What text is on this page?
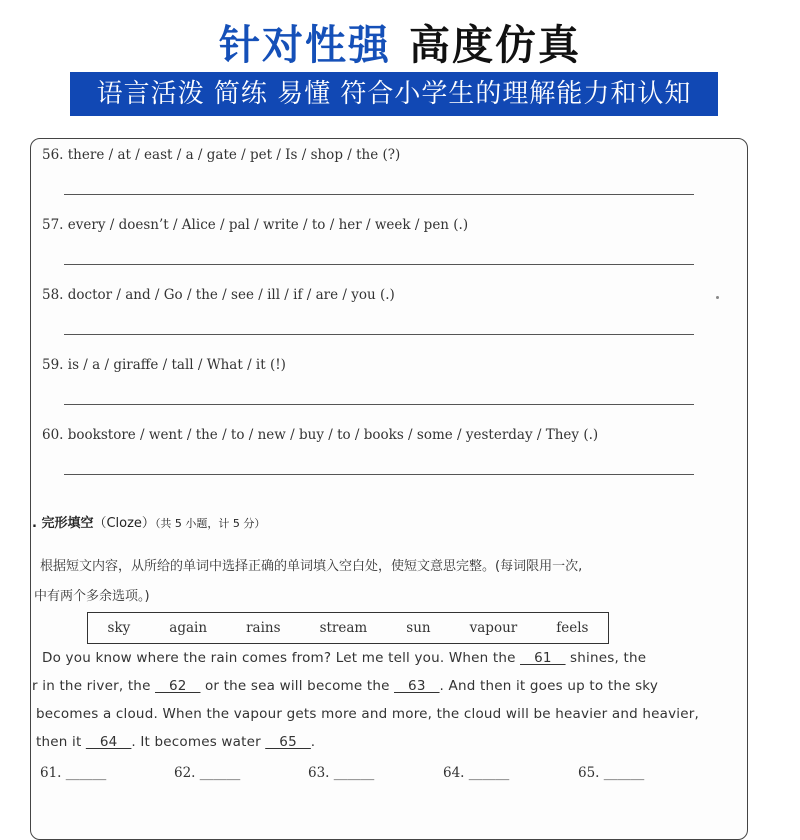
针对性强 高度仿真
语言活泼 简练 易懂 符合小学生的理解能力和认知
56. there / at / east / a / gate / pet / Is / shop / the (?)
57. every / doesn’t / Alice / pal / write / to / her / week / pen (.)
58. doctor / and / Go / the / see / ill / if / are / you (.)
59. is / a / giraffe / tall / What / it (!)
60. bookstore / went / the / to / new / buy / to / books / some / yesterday / They (.)
. 完形填空（Cloze）（共 5 小题，计 5 分）
根据短文内容，从所给的单词中选择正确的单词填入空白处，使短文意思完整。(每词限用一次,
中有两个多余选项。)
sky	again	rains	stream	sun	vapour	feels
Do you know where the rain comes from? Let me tell you. When the __61__ shines, the
r in the river, the __62__ or the sea will become the __63__. And then it goes up to the sky
becomes a cloud. When the vapour gets more and more, the cloud will be heavier and heavier,
then it __64__. It becomes water __65__.
61. ______	62. ______	63. ______	64. ______	65. ______
